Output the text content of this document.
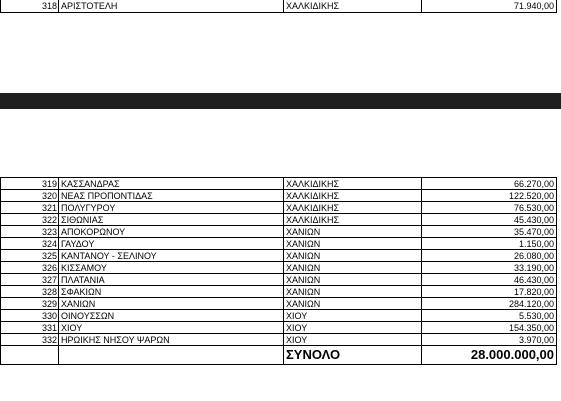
318	ΑΡΙΣΤΟΤΕΛΗ	ΧΑΛΚΙΔΙΚΗΣ	71.940,00
319	ΚΑΣΣΑΝΔΡΑΣ	ΧΑΛΚΙΔΙΚΗΣ	66.270,00
320	ΝΕΑΣ ΠΡΟΠΟΝΤΙΔΑΣ	ΧΑΛΚΙΔΙΚΗΣ	122.520,00
321	ΠΟΛΥΓΥΡΟΥ	ΧΑΛΚΙΔΙΚΗΣ	76.530,00
322	ΣΙΘΩΝΙΑΣ	ΧΑΛΚΙΔΙΚΗΣ	45.430,00
323	ΑΠΟΚΟΡΩΝΟΥ	ΧΑΝΙΩΝ	35.470,00
324	ΓΑΥΔΟΥ	ΧΑΝΙΩΝ	1.150,00
325	ΚΑΝΤΑΝΟΥ - ΣΕΛΙΝΟΥ	ΧΑΝΙΩΝ	26.080,00
326	ΚΙΣΣΑΜΟΥ	ΧΑΝΙΩΝ	33.190,00
327	ΠΛΑΤΑΝΙΑ	ΧΑΝΙΩΝ	46.430,00
328	ΣΦΑΚΙΩΝ	ΧΑΝΙΩΝ	17.820,00
329	ΧΑΝΙΩΝ	ΧΑΝΙΩΝ	284.120,00
330	ΟΙΝΟΥΣΣΩΝ	ΧΙΟΥ	5.530,00
331	ΧΙΟΥ	ΧΙΟΥ	154.350,00
332	ΗΡΩΙΚΗΣ ΝΗΣΟΥ ΨΑΡΩΝ	ΧΙΟΥ	3.970,00
		ΣΥΝΟΛΟ	28.000.000,00
